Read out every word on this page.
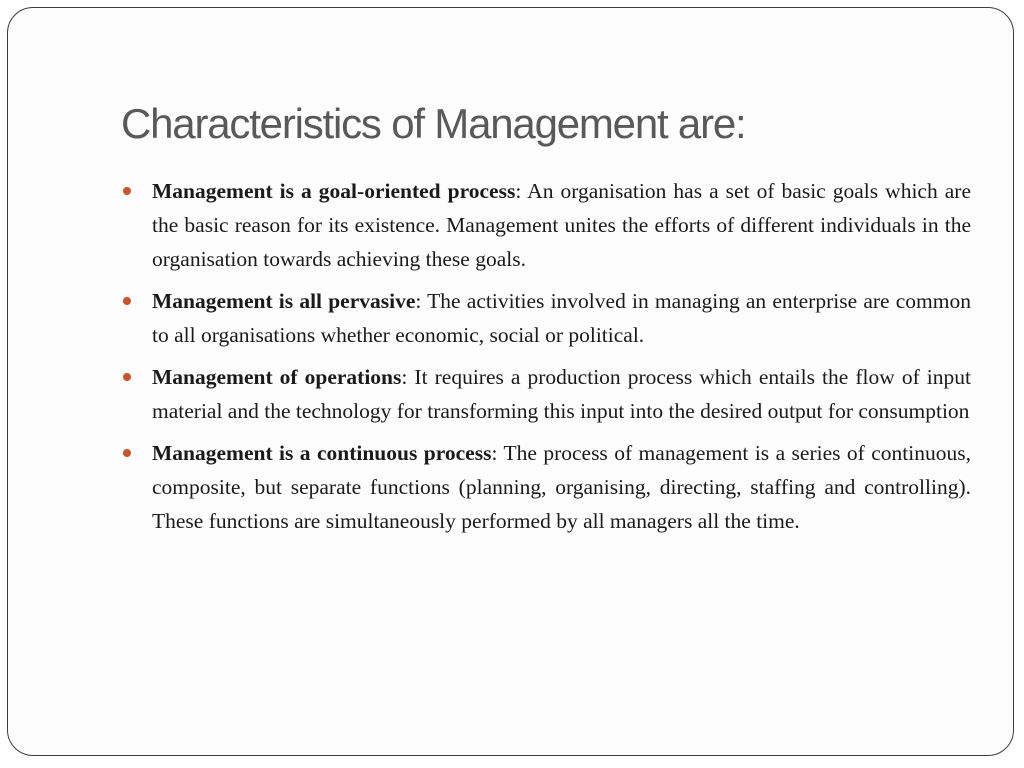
Characteristics of Management are:
Management is a goal-oriented process: An organisation has a set of basic goals which are the basic reason for its existence. Management unites the efforts of different individuals in the organisation towards achieving these goals.
Management is all pervasive: The activities involved in managing an enterprise are common to all organisations whether economic, social or political.
Management of operations: It requires a production process which entails the flow of input material and the technology for transforming this input into the desired output for consumption
Management is a continuous process: The process of management is a series of continuous, composite, but separate functions (planning, organising, directing, staffing and controlling). These functions are simultaneously performed by all managers all the time.
